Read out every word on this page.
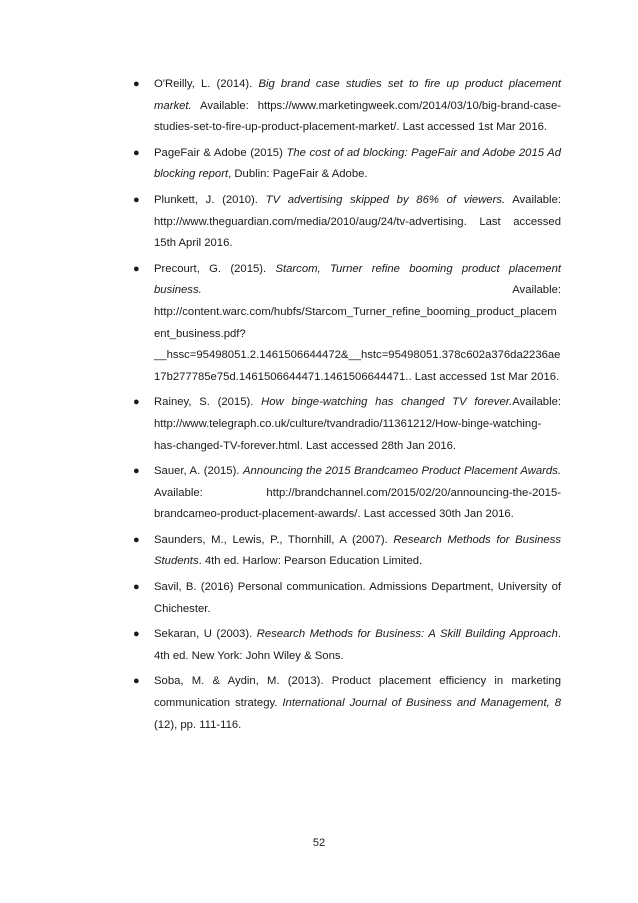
● O'Reilly, L. (2014). Big brand case studies set to fire up product placement market. Available: https://www.marketingweek.com/2014/03/10/big-brand-case-studies-set-to-fire-up-product-placement-market/. Last accessed 1st Mar 2016.
● PageFair & Adobe (2015) The cost of ad blocking: PageFair and Adobe 2015 Ad blocking report, Dublin: PageFair & Adobe.
● Plunkett, J. (2010). TV advertising skipped by 86% of viewers. Available: http://www.theguardian.com/media/2010/aug/24/tv-advertising. Last accessed 15th April 2016.
● Precourt, G. (2015). Starcom, Turner refine booming product placement business. Available: http://content.warc.com/hubfs/Starcom_Turner_refine_booming_product_placement_business.pdf?__hssc=95498051.2.1461506644472&__hstc=95498051.378c602a376da2236ae17b277785e75d.1461506644471.1461506644471.. Last accessed 1st Mar 2016.
● Rainey, S. (2015). How binge-watching has changed TV forever.Available: http://www.telegraph.co.uk/culture/tvandradio/11361212/How-binge-watching-has-changed-TV-forever.html. Last accessed 28th Jan 2016.
● Sauer, A. (2015). Announcing the 2015 Brandcameo Product Placement Awards. Available: http://brandchannel.com/2015/02/20/announcing-the-2015-brandcameo-product-placement-awards/. Last accessed 30th Jan 2016.
● Saunders, M., Lewis, P., Thornhill, A (2007). Research Methods for Business Students. 4th ed. Harlow: Pearson Education Limited.
● Savil, B. (2016) Personal communication. Admissions Department, University of Chichester.
● Sekaran, U (2003). Research Methods for Business: A Skill Building Approach. 4th ed. New York: John Wiley & Sons.
● Soba, M. & Aydin, M. (2013). Product placement efficiency in marketing communication strategy. International Journal of Business and Management, 8 (12), pp. 111-116.
52
